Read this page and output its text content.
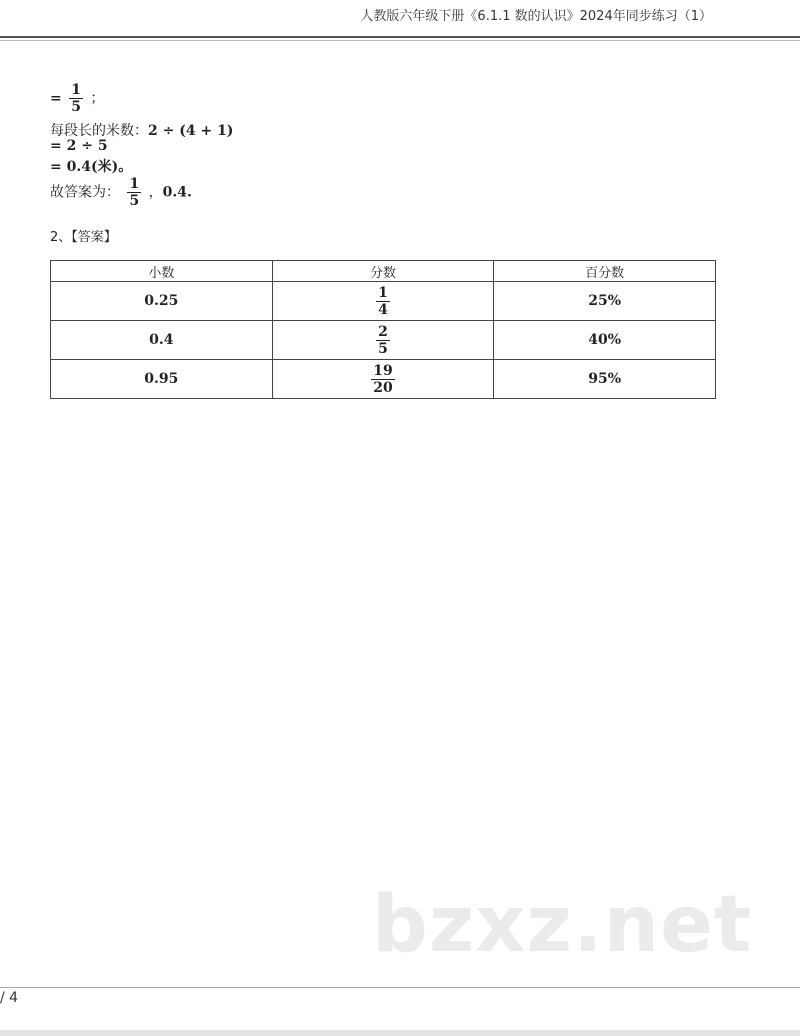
人教版六年级下册《6.1.1 数的认识》2024年同步练习（1）
= $\frac{1}{5}$ ；
每段长的米数：2 ÷ (4 + 1)
= 2 ÷ 5
= 0.4(米)。
故答案为： $\frac{1}{5}$ ，0.4.
2、【答案】
小数	分数	百分数
0.25	$\frac{1}{4}$	25%
0.4	$\frac{2}{5}$	40%
0.95	$\frac{19}{20}$	95%
bzxz.net
/ 4
